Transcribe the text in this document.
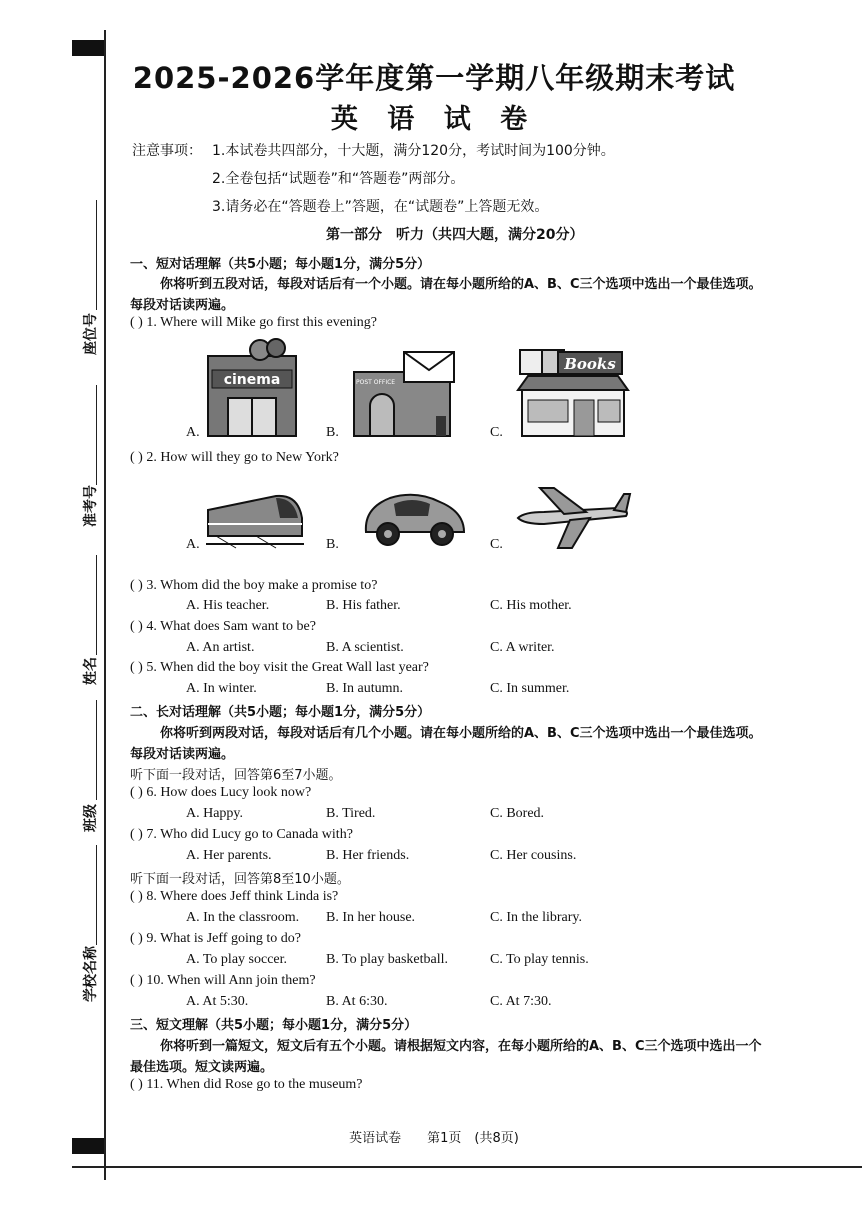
座位号
准考号
姓名
班级
学校名称
2025-2026学年度第一学期八年级期末考试
英 语 试 卷
注意事项： 1.本试卷共四部分，十大题，满分120分，考试时间为100分钟。
2.全卷包括“试题卷”和“答题卷”两部分。
3.请务必在“答题卷上”答题，在“试题卷”上答题无效。
第一部分　听力（共四大题，满分20分）
一、短对话理解（共5小题；每小题1分，满分5分）
你将听到五段对话，每段对话后有一个小题。请在每小题所给的A、B、C三个选项中选出一个最佳选项。
每段对话读两遍。
( ) 1. Where will Mike go first this evening?
A.
cinema
B.
POST OFFICE
C.
Books
( ) 2. How will they go to New York?
A.	B.	C.
( ) 3. Whom did the boy make a promise to?
A. His teacher.	B. His father.	C. His mother.
( ) 4. What does Sam want to be?
A. An artist.	B. A scientist.	C. A writer.
( ) 5. When did the boy visit the Great Wall last year?
A. In winter.	B. In autumn.	C. In summer.
二、长对话理解（共5小题；每小题1分，满分5分）
你将听到两段对话，每段对话后有几个小题。请在每小题所给的A、B、C三个选项中选出一个最佳选项。
每段对话读两遍。
听下面一段对话，回答第6至7小题。
( ) 6. How does Lucy look now?
A. Happy.	B. Tired.	C. Bored.
( ) 7. Who did Lucy go to Canada with?
A. Her parents.	B. Her friends.	C. Her cousins.
听下面一段对话，回答第8至10小题。
( ) 8. Where does Jeff think Linda is?
A. In the classroom. B. In her house.	C. In the library.
( ) 9. What is Jeff going to do?
A. To play soccer.	B. To play basketball.	C. To play tennis.
( ) 10. When will Ann join them?
A. At 5:30.	B. At 6:30.	C. At 7:30.
三、短文理解（共5小题；每小题1分，满分5分）
你将听到一篇短文，短文后有五个小题。请根据短文内容，在每小题所给的A、B、C三个选项中选出一个
最佳选项。短文读两遍。
( ) 11. When did Rose go to the museum?
英语试卷　　第1页　(共8页)
